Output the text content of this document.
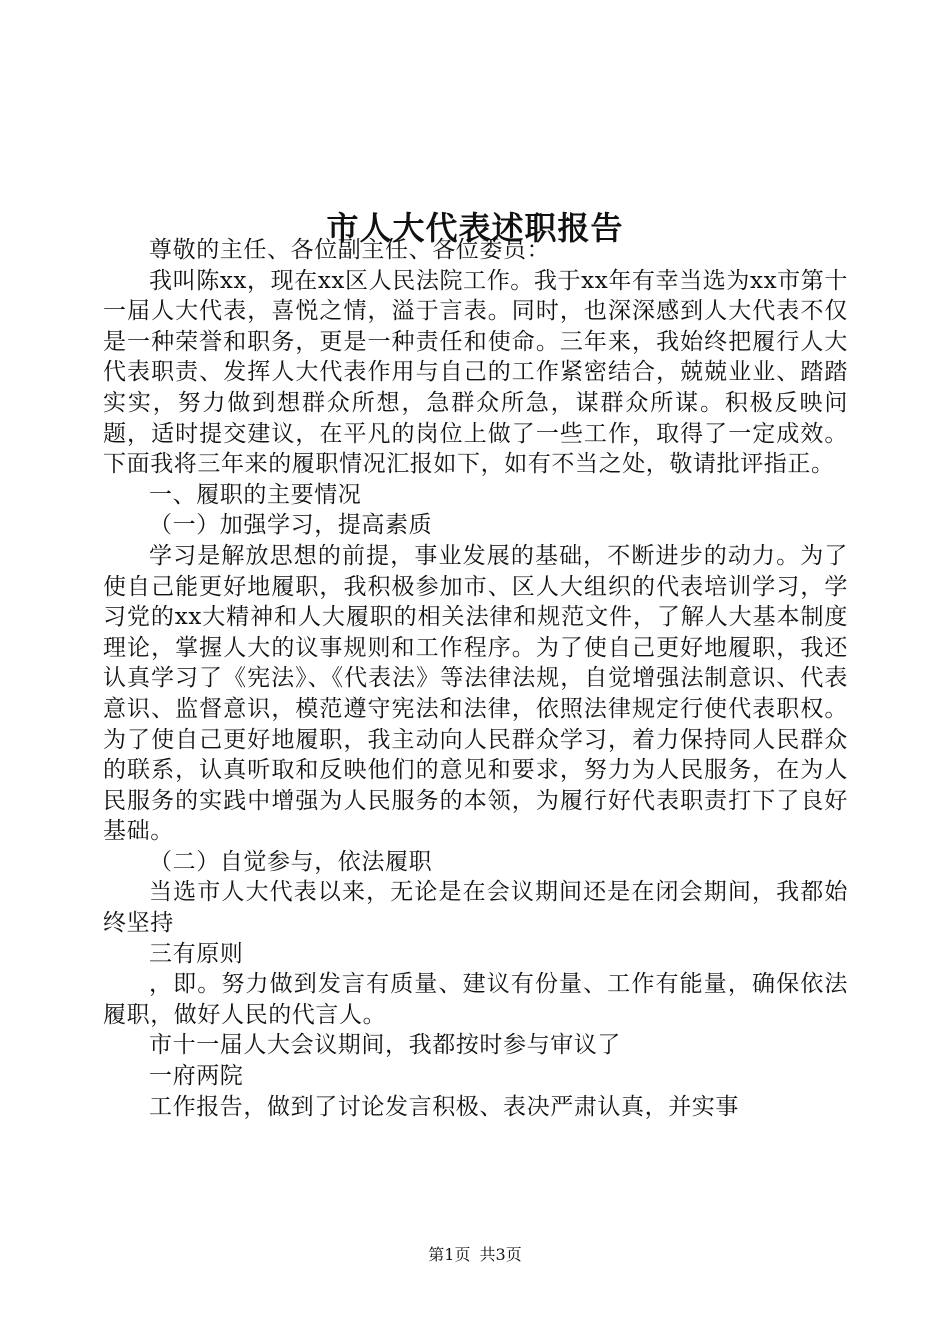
市人大代表述职报告

尊敬的主任、各位副主任、各位委员：

我叫陈xx，现在xx区人民法院工作。我于xx年有幸当选为xx市第十一届人大代表，喜悦之情，溢于言表。同时，也深深感到人大代表不仅是一种荣誉和职务，更是一种责任和使命。三年来，我始终把履行人大代表职责、发挥人大代表作用与自己的工作紧密结合，兢兢业业、踏踏实实，努力做到想群众所想，急群众所急，谋群众所谋。积极反映问题，适时提交建议，在平凡的岗位上做了一些工作，取得了一定成效。下面我将三年来的履职情况汇报如下，如有不当之处，敬请批评指正。

一、履职的主要情况

（一）加强学习，提高素质

学习是解放思想的前提，事业发展的基础，不断进步的动力。为了使自己能更好地履职，我积极参加市、区人大组织的代表培训学习，学习党的xx大精神和人大履职的相关法律和规范文件，了解人大基本制度理论，掌握人大的议事规则和工作程序。为了使自己更好地履职，我还认真学习了《宪法》、《代表法》等法律法规，自觉增强法制意识、代表意识、监督意识，模范遵守宪法和法律，依照法律规定行使代表职权。为了使自己更好地履职，我主动向人民群众学习，着力保持同人民群众的联系，认真听取和反映他们的意见和要求，努力为人民服务，在为人民服务的实践中增强为人民服务的本领，为履行好代表职责打下了良好基础。

（二）自觉参与，依法履职

当选市人大代表以来，无论是在会议期间还是在闭会期间，我都始终坚持

三有原则

，即。努力做到发言有质量、建议有份量、工作有能量，确保依法履职，做好人民的代言人。

市十一届人大会议期间，我都按时参与审议了

一府两院

工作报告，做到了讨论发言积极、表决严肃认真，并实事

第1页 共3页
